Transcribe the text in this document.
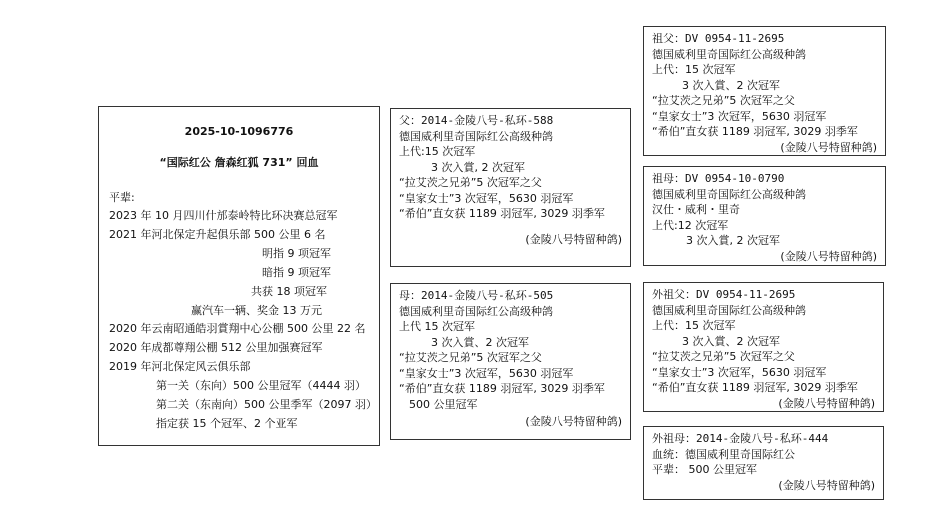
2025-10-1096776
“国际红公 詹森红狐 731” 回血
平辈:
2023 年 10 月四川什邡泰岭特比环决赛总冠军
2021 年河北保定升起俱乐部 500 公里 6 名
明指 9 项冠军
暗指 9 项冠军
共获 18 项冠军
赢汽车一辆、奖金 13 万元
2020 年云南昭通皓羽賞翔中心公棚 500 公里 22 名
2020 年成都尊翔公棚 512 公里加强赛冠军
2019 年河北保定风云俱乐部
第一关（东向）500 公里冠军（4444 羽）
第二关（东南向）500 公里季军（2097 羽）
指定获 15 个冠军、2 个亚军
父：2014-金陵八号-私环-588
德国威利里奇国际红公高级种鸽
上代:15 次冠军
3 次入賞, 2 次冠军
“拉艾茨之兄弟”5 次冠军之父
“皇家女士”3 次冠军，5630 羽冠军
“希伯”直女获 1189 羽冠军, 3029 羽季军
(金陵八号特留种鸽)
母：2014-金陵八号-私环-505
德国威利里奇国际红公高级种鸽
上代 15 次冠军
3 次入賞、2 次冠军
“拉艾茨之兄弟”5 次冠军之父
“皇家女士”3 次冠军，5630 羽冠军
“希伯”直女获 1189 羽冠军, 3029 羽季军
500 公里冠军
(金陵八号特留种鸽)
祖父：DV 0954-11-2695
德国威利里奇国际红公高级种鸽
上代：15 次冠军
3 次入賞、2 次冠军
“拉艾茨之兄弟”5 次冠军之父
“皇家女士”3 次冠军，5630 羽冠军
“希伯”直女获 1189 羽冠军, 3029 羽季军
(金陵八号特留种鸽)
祖母：DV 0954-10-0790
德国威利里奇国际红公高级种鸽
汉仕・威利・里奇
上代:12 次冠军
3 次入賞, 2 次冠军
(金陵八号特留种鸽)
外祖父：DV 0954-11-2695
德国威利里奇国际红公高级种鸽
上代：15 次冠军
3 次入賞、2 次冠军
“拉艾茨之兄弟”5 次冠军之父
“皇家女士”3 次冠军，5630 羽冠军
“希伯”直女获 1189 羽冠军, 3029 羽季军
(金陵八号特留种鸽)
外祖母：2014-金陵八号-私环-444
血统：德国威利里奇国际红公
平辈： 500 公里冠军
(金陵八号特留种鸽)
